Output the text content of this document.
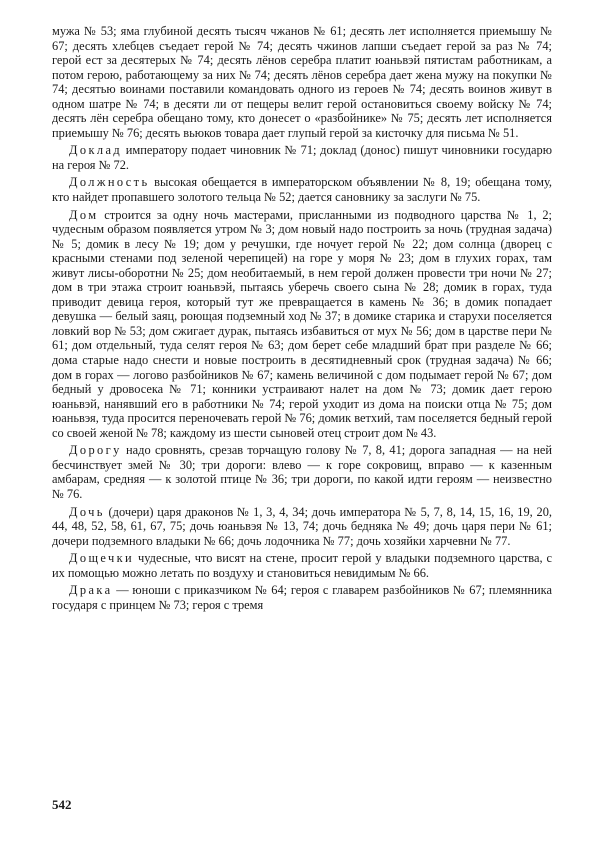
мужа № 53; яма глубиной десять тысяч чжанов № 61; десять лет исполняется приемышу № 67; десять хлебцев съедает герой № 74; десять чжинов лапши съедает герой за раз № 74; герой ест за десятерых № 74; десять лёнов серебра платит юаньвэй пятистам работникам, а потом герою, работающему за них № 74; десять лёнов серебра дает жена мужу на покупки № 74; десятью воинами поставили командовать одного из героев № 74; десять воинов живут в одном шатре № 74; в десяти ли от пещеры велит герой остановиться своему войску № 74; десять лён серебра обещано тому, кто донесет о «разбойнике» № 75; десять лет исполняется приемышу № 76; десять вьюков товара дает глупый герой за кисточку для письма № 51.

Доклад императору подает чиновник № 71; доклад (донос) пишут чиновники государю на героя № 72.

Должность высокая обещается в императорском объявлении № 8, 19; обещана тому, кто найдет пропавшего золотого тельца № 52; дается сановнику за заслуги № 75.

Дом строится за одну ночь мастерами, присланными из подводного царства № 1, 2; чудесным образом появляется утром № 3; дом новый надо построить за ночь (трудная задача) № 5; домик в лесу № 19; дом у речушки, где ночует герой № 22; дом солнца (дворец с красными стенами под зеленой черепицей) на горе у моря № 23; дом в глухих горах, там живут лисы-оборотни № 25; дом необитаемый, в нем герой должен провести три ночи № 27; дом в три этажа строит юаньвэй, пытаясь уберечь своего сына № 28; домик в горах, туда приводит девица героя, который тут же превращается в камень № 36; в домик попадает девушка — белый заяц, роющая подземный ход № 37; в домике старика и старухи поселяется ловкий вор № 53; дом сжигает дурак, пытаясь избавиться от мух № 56; дом в царстве пери № 61; дом отдельный, туда селят героя № 63; дом берет себе младший брат при разделе № 66; дома старые надо снести и новые построить в десятидневный срок (трудная задача) № 66; дом в горах — логово разбойников № 67; камень величиной с дом подымает герой № 67; дом бедный у дровосека № 71; конники устраивают налет на дом № 73; домик дает герою юаньвэй, нанявший его в работники № 74; герой уходит из дома на поиски отца № 75; дом юаньвэя, туда просится переночевать герой № 76; домик ветхий, там поселяется бедный герой со своей женой № 78; каждому из шести сыновей отец строит дом № 43.

Дорогу надо сровнять, срезав торчащую голову № 7, 8, 41; дорога западная — на ней бесчинствует змей № 30; три дороги: влево — к горе сокровищ, вправо — к казенным амбарам, средняя — к золотой птице № 36; три дороги, по какой идти героям — неизвестно № 76.

Дочь (дочери) царя драконов № 1, 3, 4, 34; дочь императора № 5, 7, 8, 14, 15, 16, 19, 20, 44, 48, 52, 58, 61, 67, 75; дочь юаньвэя № 13, 74; дочь бедняка № 49; дочь царя пери № 61; дочери подземного владыки № 66; дочь лодочника № 77; дочь хозяйки харчевни № 77.

Дощечки чудесные, что висят на стене, просит герой у владыки подземного царства, с их помощью можно летать по воздуху и становиться невидимым № 66.

Драка — юноши с приказчиком № 64; героя с главарем разбойников № 67; племянника государя с принцем № 73; героя с тремя

542
